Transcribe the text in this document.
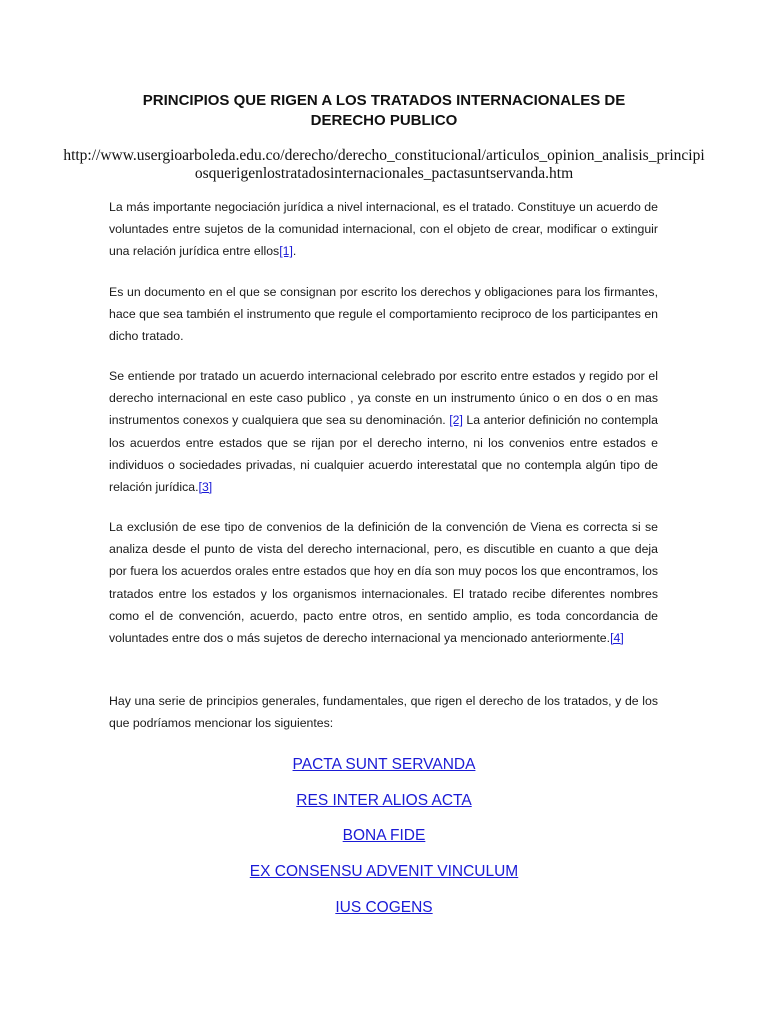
PRINCIPIOS QUE RIGEN A LOS TRATADOS INTERNACIONALES DE
DERECHO PUBLICO
http://www.usergioarboleda.edu.co/derecho/derecho_constitucional/articulos_opinion_analisis_principiosquerigenlostratadosinternacionales_pactasuntservanda.htm
La más importante negociación jurídica a nivel internacional, es el tratado. Constituye un acuerdo de voluntades entre sujetos de la comunidad internacional, con el objeto de crear, modificar o extinguir una relación jurídica entre ellos[1].
Es un documento en el que se consignan por escrito los derechos y obligaciones para los firmantes, hace que sea también el instrumento que regule el comportamiento reciproco de los participantes en dicho tratado.
Se entiende por tratado un acuerdo internacional celebrado por escrito entre estados y regido por el derecho internacional en este caso publico , ya conste en un instrumento único o en dos o en mas instrumentos conexos y cualquiera que sea su denominación. [2] La anterior definición no contempla los acuerdos entre estados que se rijan por el derecho interno, ni los convenios entre estados e individuos o sociedades privadas, ni cualquier acuerdo interestatal que no contempla algún tipo de relación jurídica.[3]
La exclusión de ese tipo de convenios de la definición de la convención de Viena es correcta si se analiza desde el punto de vista del derecho internacional, pero, es discutible en cuanto a que deja por fuera los acuerdos orales entre estados que hoy en día son muy pocos los que encontramos, los tratados entre los estados y los organismos internacionales. El tratado recibe diferentes nombres como el de convención, acuerdo, pacto entre otros, en sentido amplio, es toda concordancia de voluntades entre dos o más sujetos de derecho internacional ya mencionado anteriormente.[4]
Hay una serie de principios generales, fundamentales, que rigen el derecho de los tratados, y de los que podríamos mencionar los siguientes:
PACTA SUNT SERVANDA
RES INTER ALIOS ACTA
BONA FIDE
EX CONSENSU ADVENIT VINCULUM
IUS COGENS
